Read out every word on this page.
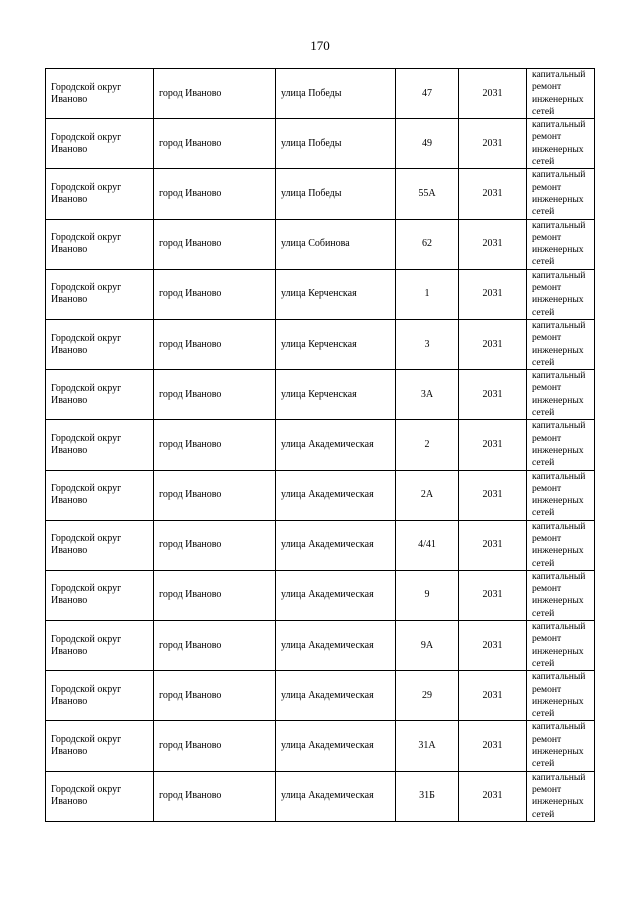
170
Городской округ Иваново	город Иваново	улица Победы	47	2031	капитальный ремонт инженерных сетей
Городской округ Иваново	город Иваново	улица Победы	49	2031	капитальный ремонт инженерных сетей
Городской округ Иваново	город Иваново	улица Победы	55А	2031	капитальный ремонт инженерных сетей
Городской округ Иваново	город Иваново	улица Собинова	62	2031	капитальный ремонт инженерных сетей
Городской округ Иваново	город Иваново	улица Керченская	1	2031	капитальный ремонт инженерных сетей
Городской округ Иваново	город Иваново	улица Керченская	3	2031	капитальный ремонт инженерных сетей
Городской округ Иваново	город Иваново	улица Керченская	3А	2031	капитальный ремонт инженерных сетей
Городской округ Иваново	город Иваново	улица Академическая	2	2031	капитальный ремонт инженерных сетей
Городской округ Иваново	город Иваново	улица Академическая	2А	2031	капитальный ремонт инженерных сетей
Городской округ Иваново	город Иваново	улица Академическая	4/41	2031	капитальный ремонт инженерных сетей
Городской округ Иваново	город Иваново	улица Академическая	9	2031	капитальный ремонт инженерных сетей
Городской округ Иваново	город Иваново	улица Академическая	9А	2031	капитальный ремонт инженерных сетей
Городской округ Иваново	город Иваново	улица Академическая	29	2031	капитальный ремонт инженерных сетей
Городской округ Иваново	город Иваново	улица Академическая	31А	2031	капитальный ремонт инженерных сетей
Городской округ Иваново	город Иваново	улица Академическая	31Б	2031	капитальный ремонт инженерных сетей
